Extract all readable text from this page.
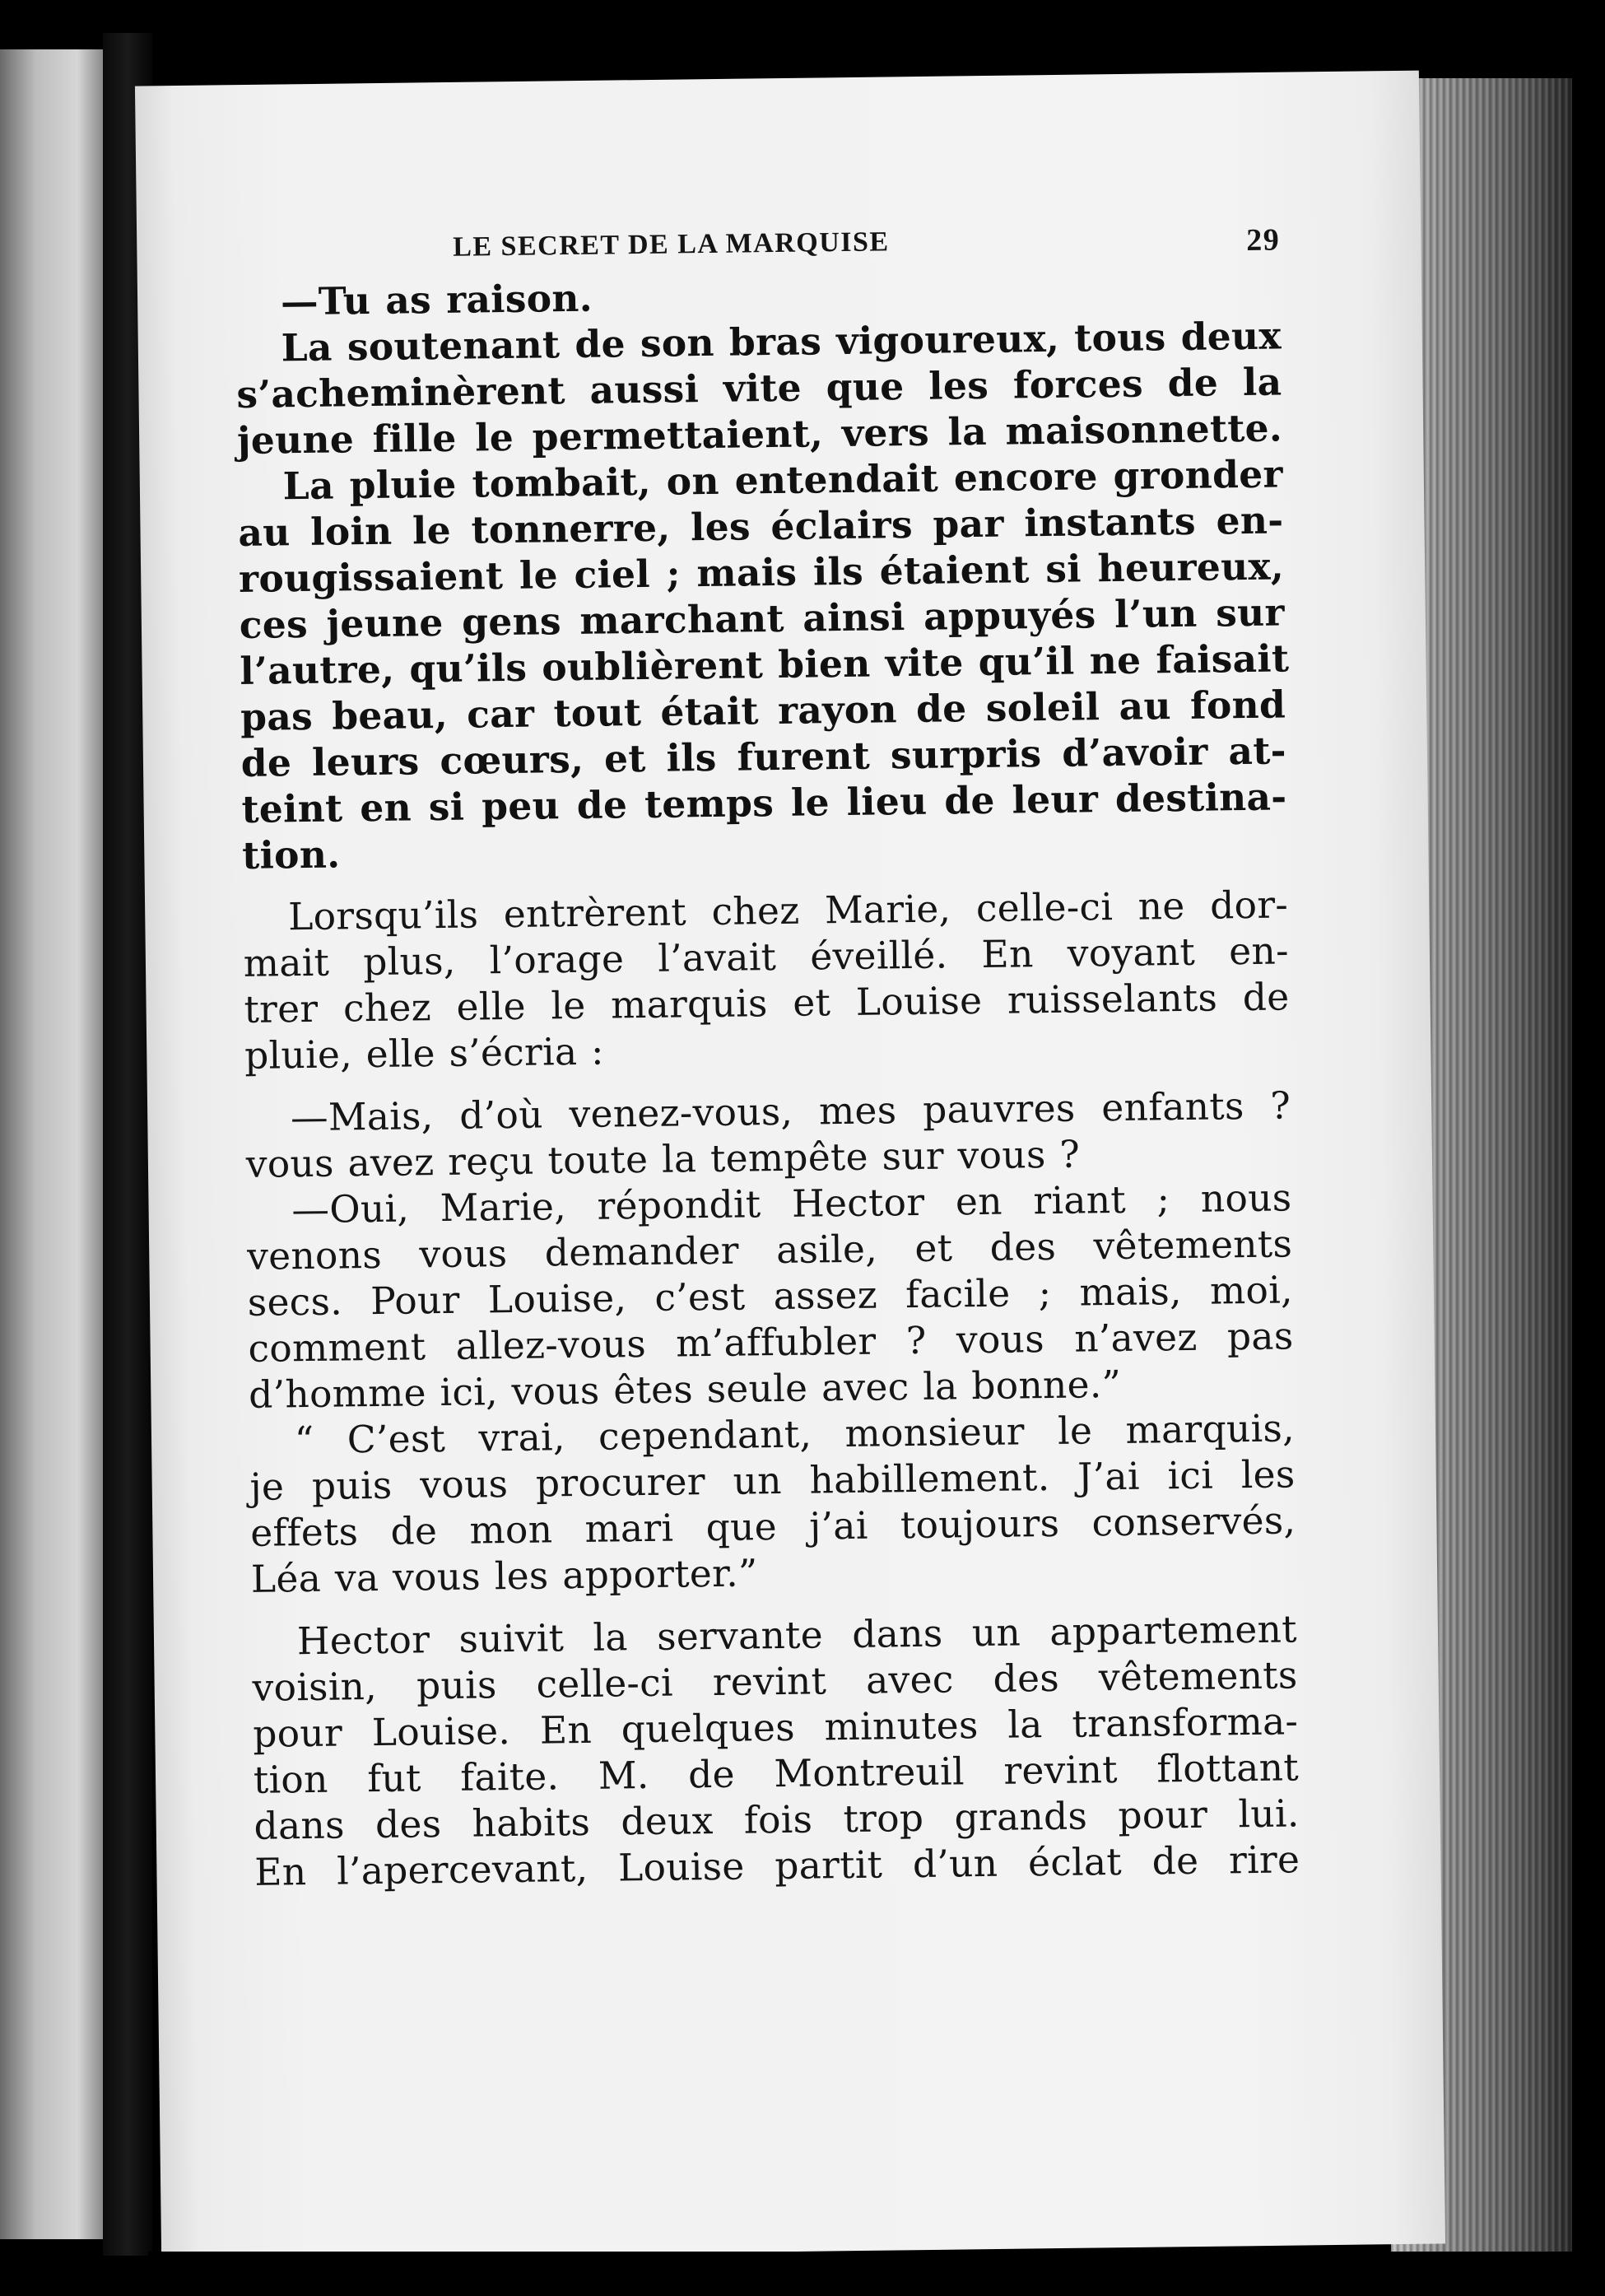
LE SECRET DE LA MARQUISE	29

—Tu as raison.

La soutenant de son bras vigoureux, tous deux
s’acheminèrent aussi vite que les forces de la
jeune fille le permettaient, vers la maisonnette.

La pluie tombait, on entendait encore gronder
au loin le tonnerre, les éclairs par instants en-
rougissaient le ciel ; mais ils étaient si heureux,
ces jeune gens marchant ainsi appuyés l’un sur
l’autre, qu’ils oublièrent bien vite qu’il ne faisait
pas beau, car tout était rayon de soleil au fond
de leurs cœurs, et ils furent surpris d’avoir at-
teint en si peu de temps le lieu de leur destina-
tion.

Lorsqu’ils entrèrent chez Marie, celle-ci ne dor-
mait plus, l’orage l’avait éveillé. En voyant en-
trer chez elle le marquis et Louise ruisselants de
pluie, elle s’écria :

—Mais, d’où venez-vous, mes pauvres enfants ?
vous avez reçu toute la tempête sur vous ?

—Oui, Marie, répondit Hector en riant ; nous
venons vous demander asile, et des vêtements
secs. Pour Louise, c’est assez facile ; mais, moi,
comment allez-vous m’affubler ? vous n’avez pas
d’homme ici, vous êtes seule avec la bonne.”

“ C’est vrai, cependant, monsieur le marquis,
je puis vous procurer un habillement. J’ai ici les
effets de mon mari que j’ai toujours conservés,
Léa va vous les apporter.”

Hector suivit la servante dans un appartement
voisin, puis celle-ci revint avec des vêtements
pour Louise. En quelques minutes la transforma-
tion fut faite. M. de Montreuil revint flottant
dans des habits deux fois trop grands pour lui.
En l’apercevant, Louise partit d’un éclat de rire
